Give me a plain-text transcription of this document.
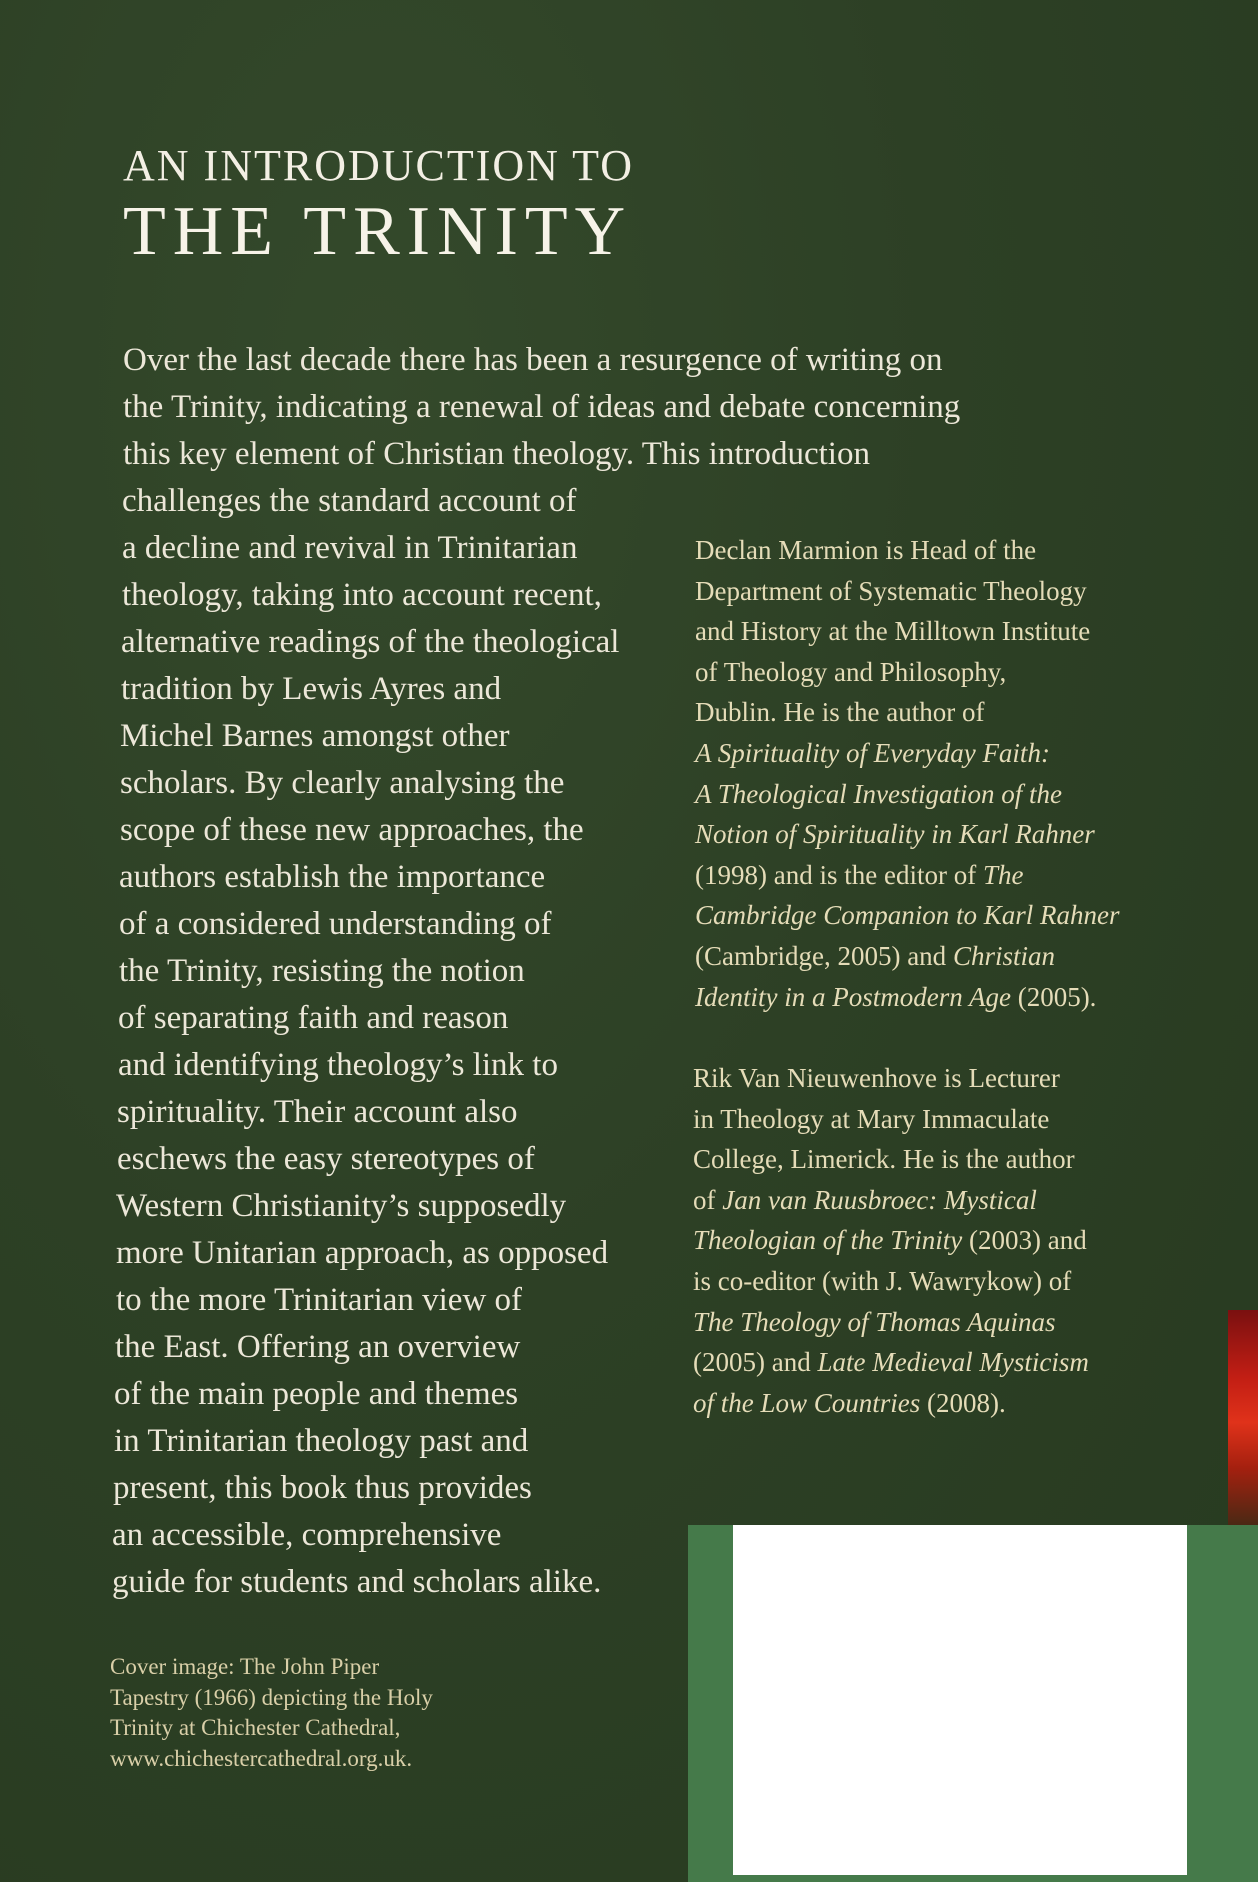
AN INTRODUCTION TO
THE TRINITY

Over the last decade there has been a resurgence of writing on

the Trinity, indicating a renewal of ideas and debate concerning

this key element of Christian theology. This introduction

challenges the standard account of

a decline and revival in Trinitarian

theology, taking into account recent,

alternative readings of the theological

tradition by Lewis Ayres and

Michel Barnes amongst other

scholars. By clearly analysing the

scope of these new approaches, the

authors establish the importance

of a considered understanding of

the Trinity, resisting the notion

of separating faith and reason

and identifying theology’s link to

spirituality. Their account also

eschews the easy stereotypes of

Western Christianity’s supposedly

more Unitarian approach, as opposed

to the more Trinitarian view of

the East. Offering an overview

of the main people and themes

in Trinitarian theology past and

present, this book thus provides

an accessible, comprehensive

guide for students and scholars alike.

Declan Marmion is Head of the
Department of Systematic Theology
and History at the Milltown Institute
of Theology and Philosophy,
Dublin. He is the author of
A Spirituality of Everyday Faith:
A Theological Investigation of the
Notion of Spirituality in Karl Rahner
(1998) and is the editor of The
Cambridge Companion to Karl Rahner
(Cambridge, 2005) and Christian
Identity in a Postmodern Age (2005).

Rik Van Nieuwenhove is Lecturer
in Theology at Mary Immaculate
College, Limerick. He is the author
of Jan van Ruusbroec: Mystical
Theologian of the Trinity (2003) and
is co-editor (with J. Wawrykow) of
The Theology of Thomas Aquinas
(2005) and Late Medieval Mysticism
of the Low Countries (2008).

Cover image: The John Piper
Tapestry (1966) depicting the Holy
Trinity at Chichester Cathedral,
www.chichestercathedral.org.uk.
